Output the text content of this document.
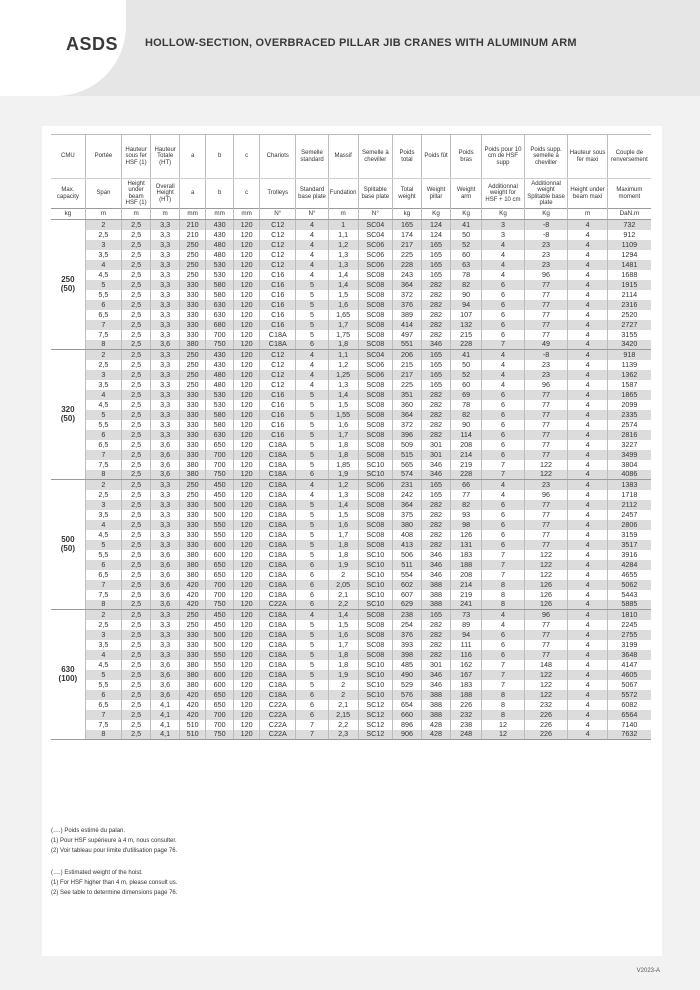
ASDS HOLLOW-SECTION, OVERBRACED PILLAR JIB CRANES WITH ALUMINUM ARM
CMU	Portée	Hauteur sous fer HSF (1)	Hauteur Totale (HT)	a	b	c	Chariots	Semelle standard	Massif	Semelle à cheviller	Poids total	Poids fût	Poids bras	Poids pour 10 cm de HSF supp	Poids supp. semelle à cheviller	Hauteur sous fer maxi	Couple de renversement
Max. capacity	Span	Height under beam HSF (1)	Overall Height (HT)	a	b	c	Trolleys	Standard base plate	Fundation	Splitable base plate	Total weight	Weight pillar	Weight arm	Additionnal weight for HSF + 10 cm	Additionnal weight Splitable base plate	Height under beam maxi	Maximum moment
kg	m	m	m	mm	mm	mm	N°	N°	m	N°	kg	Kg	Kg	Kg	Kg	m	DaN.m

250
(50)	2	2,5	3,3	210	430	120	C12	4	1	SC04	165	124	41	3	-8	4	732
	2,5	2,5	3,3	210	430	120	C12	4	1,1	SC04	174	124	50	3	-8	4	912
	3	2,5	3,3	250	480	120	C12	4	1,2	SC06	217	165	52	4	23	4	1109
	3,5	2,5	3,3	250	480	120	C12	4	1,3	SC06	225	165	60	4	23	4	1294
	4	2,5	3,3	250	530	120	C12	4	1,3	SC06	228	165	63	4	23	4	1481
	4,5	2,5	3,3	250	530	120	C16	4	1,4	SC08	243	165	78	4	96	4	1688
	5	2,5	3,3	330	580	120	C16	5	1,4	SC08	364	282	82	6	77	4	1915
	5,5	2,5	3,3	330	580	120	C16	5	1,5	SC08	372	282	90	6	77	4	2114
	6	2,5	3,3	330	630	120	C16	5	1,6	SC08	376	282	94	6	77	4	2316
	6,5	2,5	3,3	330	630	120	C16	5	1,65	SC08	389	282	107	6	77	4	2520
	7	2,5	3,3	330	680	120	C16	5	1,7	SC08	414	282	132	6	77	4	2727
	7,5	2,5	3,3	330	700	120	C18A	5	1,75	SC08	497	282	215	6	77	4	3155
	8	2,5	3,6	380	750	120	C18A	6	1,8	SC08	551	346	228	7	49	4	3420

320
(50)	2	2,5	3,3	250	430	120	C12	4	1,1	SC04	206	165	41	4	-8	4	918
	2,5	2,5	3,3	250	430	120	C12	4	1,2	SC06	215	165	50	4	23	4	1139
	3	2,5	3,3	250	480	120	C12	4	1,25	SC06	217	165	52	4	23	4	1362
	3,5	2,5	3,3	250	480	120	C12	4	1,3	SC08	225	165	60	4	96	4	1587
	4	2,5	3,3	330	530	120	C16	5	1,4	SC08	351	282	69	6	77	4	1865
	4,5	2,5	3,3	330	530	120	C16	5	1,5	SC08	360	282	78	6	77	4	2099
	5	2,5	3,3	330	580	120	C16	5	1,55	SC08	364	282	82	6	77	4	2335
	5,5	2,5	3,3	330	580	120	C16	5	1,6	SC08	372	282	90	6	77	4	2574
	6	2,5	3,3	330	630	120	C16	5	1,7	SC08	396	282	114	6	77	4	2816
	6,5	2,5	3,6	330	650	120	C18A	5	1,8	SC08	509	301	208	6	77	4	3227
	7	2,5	3,6	330	700	120	C18A	5	1,8	SC08	515	301	214	6	77	4	3499
	7,5	2,5	3,6	380	700	120	C18A	5	1,85	SC10	565	346	219	7	122	4	3804
	8	2,5	3,6	380	750	120	C18A	6	1,9	SC10	574	346	228	7	122	4	4086

500
(50)	2	2,5	3,3	250	450	120	C18A	4	1,2	SC06	231	165	66	4	23	4	1383
	2,5	2,5	3,3	250	450	120	C18A	4	1,3	SC08	242	165	77	4	96	4	1718
	3	2,5	3,3	330	500	120	C18A	5	1,4	SC08	364	282	82	6	77	4	2112
	3,5	2,5	3,3	330	500	120	C18A	5	1,5	SC08	375	282	93	6	77	4	2457
	4	2,5	3,3	330	550	120	C18A	5	1,6	SC08	380	282	98	6	77	4	2806
	4,5	2,5	3,3	330	550	120	C18A	5	1,7	SC08	408	282	126	6	77	4	3159
	5	2,5	3,3	330	600	120	C18A	5	1,8	SC08	413	282	131	6	77	4	3517
	5,5	2,5	3,6	380	600	120	C18A	5	1,8	SC10	506	346	183	7	122	4	3916
	6	2,5	3,6	380	650	120	C18A	6	1,9	SC10	511	346	188	7	122	4	4284
	6,5	2,5	3,6	380	650	120	C18A	6	2	SC10	554	346	208	7	122	4	4655
	7	2,5	3,6	420	700	120	C18A	6	2,05	SC10	602	388	214	8	126	4	5062
	7,5	2,5	3,6	420	700	120	C18A	6	2,1	SC10	607	388	219	8	126	4	5443
	8	2,5	3,6	420	750	120	C22A	6	2,2	SC10	629	388	241	8	126	4	5885

630
(100)	2	2,5	3,3	250	450	120	C18A	4	1,4	SC08	238	165	73	4	96	4	1810
	2,5	2,5	3,3	250	450	120	C18A	5	1,5	SC08	254	282	89	4	77	4	2245
	3	2,5	3,3	330	500	120	C18A	5	1,6	SC08	376	282	94	6	77	4	2755
	3,5	2,5	3,3	330	500	120	C18A	5	1,7	SC08	393	282	111	6	77	4	3199
	4	2,5	3,3	330	550	120	C18A	5	1,8	SC08	398	282	116	6	77	4	3648
	4,5	2,5	3,6	380	550	120	C18A	5	1,8	SC10	485	301	162	7	148	4	4147
	5	2,5	3,6	380	600	120	C18A	5	1,9	SC10	490	346	167	7	122	4	4605
	5,5	2,5	3,6	380	600	120	C18A	5	2	SC10	529	346	183	7	122	4	5067
	6	2,5	3,6	420	650	120	C18A	6	2	SC10	576	388	188	8	122	4	5572
	6,5	2,5	4,1	420	650	120	C22A	6	2,1	SC12	654	388	226	8	232	4	6082
	7	2,5	4,1	420	700	120	C22A	6	2,15	SC12	660	388	232	8	226	4	6564
	7,5	2,5	4,1	510	700	120	C22A	7	2,2	SC12	896	428	238	12	226	4	7140
	8	2,5	4,1	510	750	120	C22A	7	2,3	SC12	906	428	248	12	226	4	7632
(….) Poids estimé du palan.
(1) Pour HSF supérieure à 4 m, nous consulter.
(2) Voir tableau pour limite d'utilisation page 76.
(….) Estimated weight of the hoist.
(1) For HSF higher than 4 m, please consult us.
(2) See table to determine dimensions page 76.
V2023-A
